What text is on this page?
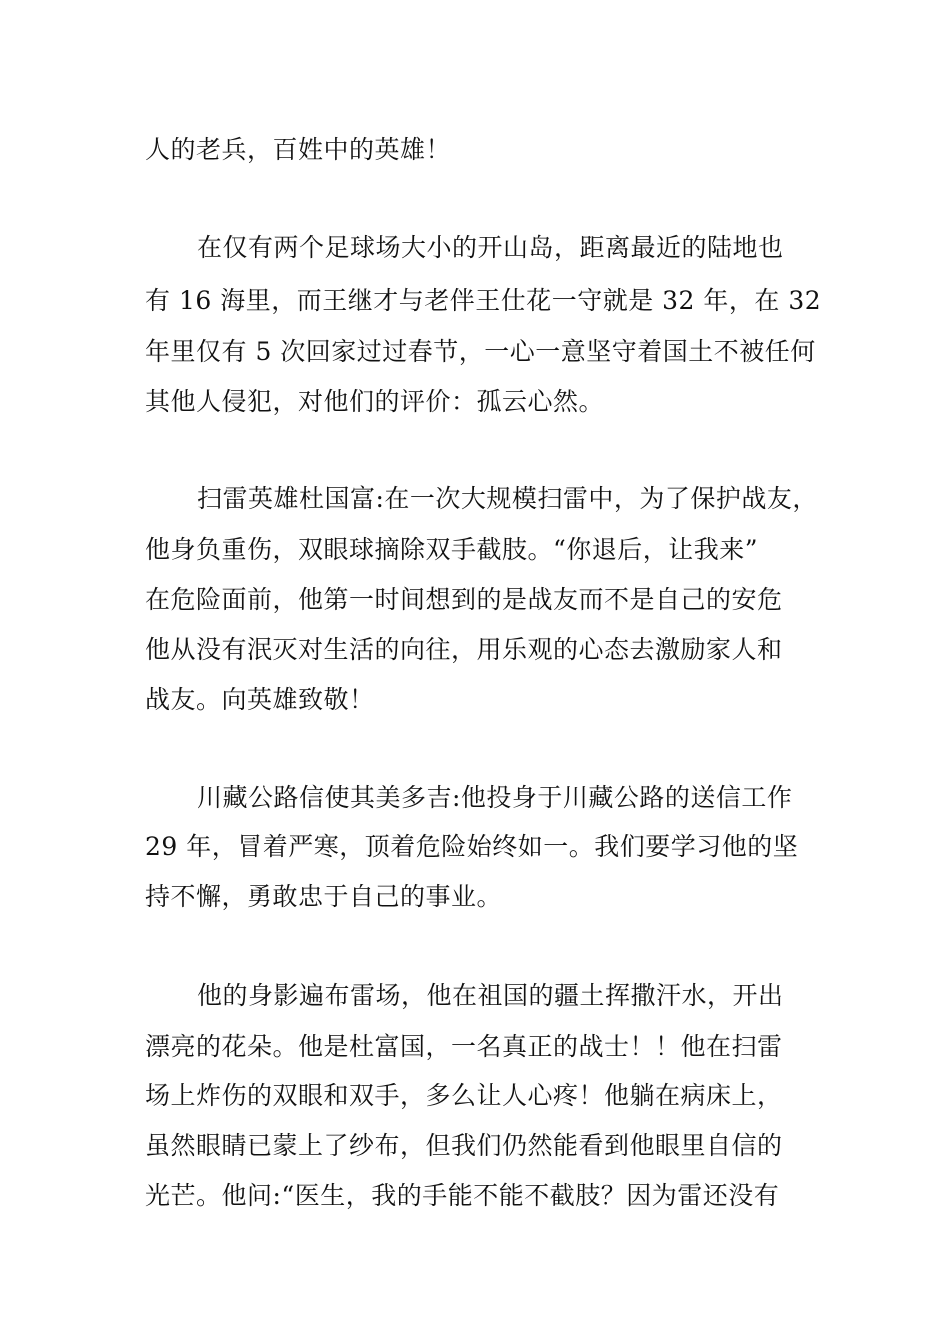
人的老兵，百姓中的英雄！
在仅有两个足球场大小的开山岛，距离最近的陆地也
有 16 海里，而王继才与老伴王仕花一守就是 32 年，在 32
年里仅有 5 次回家过过春节，一心一意坚守着国土不被任何
其他人侵犯，对他们的评价：孤云心然。
扫雷英雄杜国富:在一次大规模扫雷中，为了保护战友，
他身负重伤，双眼球摘除双手截肢。“你退后，让我来”
在危险面前，他第一时间想到的是战友而不是自己的安危
他从没有泯灭对生活的向往，用乐观的心态去激励家人和
战友。向英雄致敬！
川藏公路信使其美多吉:他投身于川藏公路的送信工作
29 年，冒着严寒，顶着危险始终如一。我们要学习他的坚
持不懈，勇敢忠于自己的事业。
他的身影遍布雷场，他在祖国的疆土挥撒汗水，开出
漂亮的花朵。他是杜富国，一名真正的战士！！他在扫雷
场上炸伤的双眼和双手，多么让人心疼！他躺在病床上，
虽然眼睛已蒙上了纱布，但我们仍然能看到他眼里自信的
光芒。他问:“医生，我的手能不能不截肢？因为雷还没有
